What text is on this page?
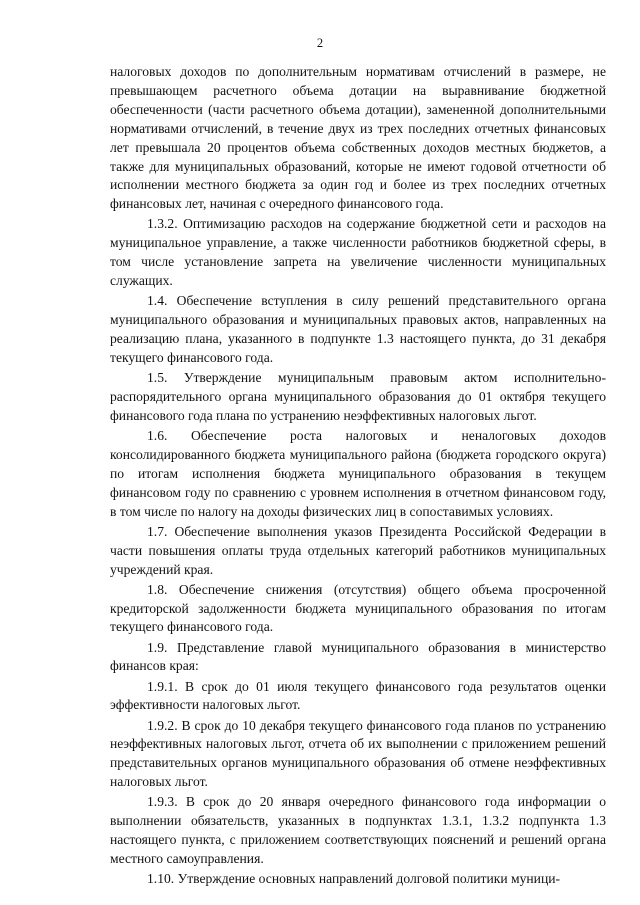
2

налоговых доходов по дополнительным нормативам отчислений в размере, не превышающем расчетного объема дотации на выравнивание бюджетной обеспеченности (части расчетного объема дотации), замененной дополнительными нормативами отчислений, в течение двух из трех последних отчетных финансовых лет превышала 20 процентов объема собственных доходов местных бюджетов, а также для муниципальных образований, которые не имеют годовой отчетности об исполнении местного бюджета за один год и более из трех последних отчетных финансовых лет, начиная с очередного финансового года.

1.3.2. Оптимизацию расходов на содержание бюджетной сети и расходов на муниципальное управление, а также численности работников бюджетной сферы, в том числе установление запрета на увеличение численности муниципальных служащих.

1.4. Обеспечение вступления в силу решений представительного органа муниципального образования и муниципальных правовых актов, направленных на реализацию плана, указанного в подпункте 1.3 настоящего пункта, до 31 декабря текущего финансового года.

1.5. Утверждение муниципальным правовым актом исполнительно-распорядительного органа муниципального образования до 01 октября текущего финансового года плана по устранению неэффективных налоговых льгот.

1.6. Обеспечение роста налоговых и неналоговых доходов консолидированного бюджета муниципального района (бюджета городского округа) по итогам исполнения бюджета муниципального образования в текущем финансовом году по сравнению с уровнем исполнения в отчетном финансовом году, в том числе по налогу на доходы физических лиц в сопоставимых условиях.

1.7. Обеспечение выполнения указов Президента Российской Федерации в части повышения оплаты труда отдельных категорий работников муниципальных учреждений края.

1.8. Обеспечение снижения (отсутствия) общего объема просроченной кредиторской задолженности бюджета муниципального образования по итогам текущего финансового года.

1.9. Представление главой муниципального образования в министерство финансов края:

1.9.1. В срок до 01 июля текущего финансового года результатов оценки эффективности налоговых льгот.

1.9.2. В срок до 10 декабря текущего финансового года планов по устранению неэффективных налоговых льгот, отчета об их выполнении с приложением решений представительных органов муниципального образования об отмене неэффективных налоговых льгот.

1.9.3. В срок до 20 января очередного финансового года информации о выполнении обязательств, указанных в подпунктах 1.3.1, 1.3.2 подпункта 1.3 настоящего пункта, с приложением соответствующих пояснений и решений органа местного самоуправления.

1.10. Утверждение основных направлений долговой политики муници-
